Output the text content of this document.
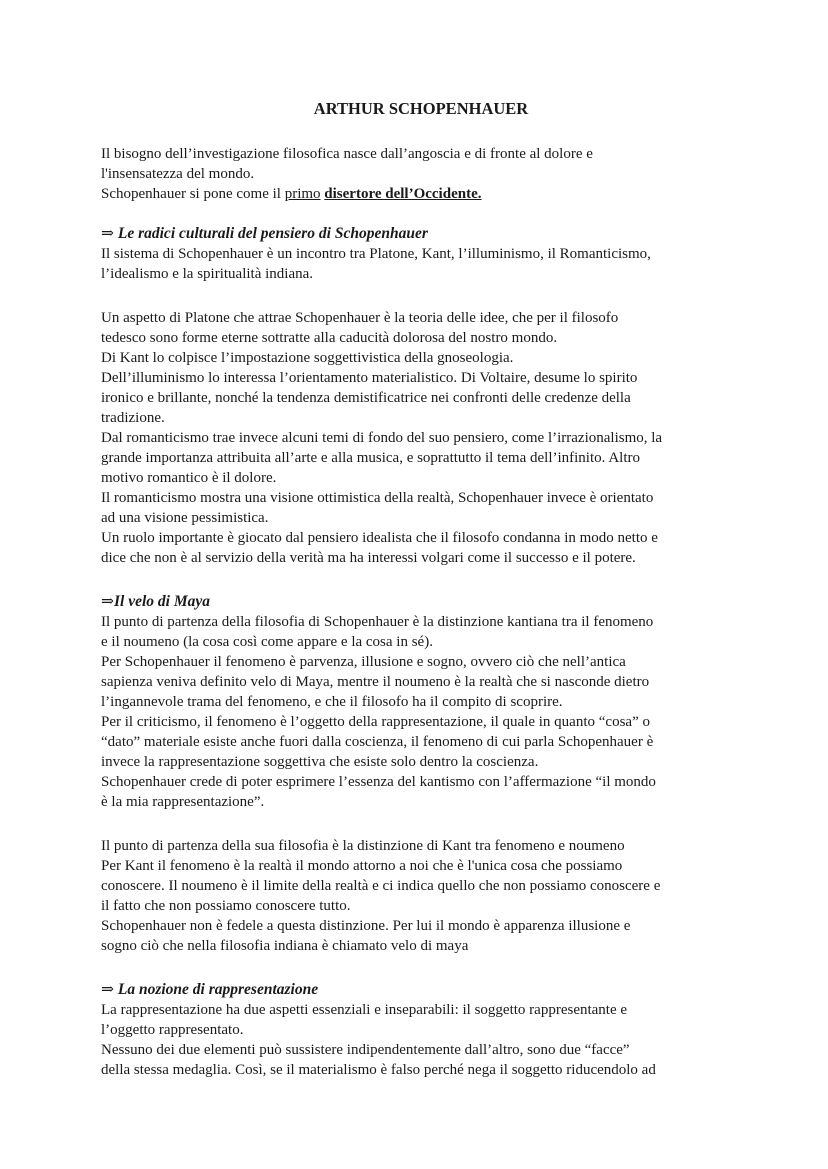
ARTHUR SCHOPENHAUER
Il bisogno dell’investigazione filosofica nasce dall’angoscia e di fronte al dolore e
l'insensatezza del mondo.
Schopenhauer si pone come il primo disertore dell’Occidente.
⇒ Le radici culturali del pensiero di Schopenhauer
Il sistema di Schopenhauer è un incontro tra Platone, Kant, l’illuminismo, il Romanticismo,
l’idealismo e la spiritualità indiana.
Un aspetto di Platone che attrae Schopenhauer è la teoria delle idee, che per il filosofo
tedesco sono forme eterne sottratte alla caducità dolorosa del nostro mondo.
Di Kant lo colpisce l’impostazione soggettivistica della gnoseologia.
Dell’illuminismo lo interessa l’orientamento materialistico. Di Voltaire, desume lo spirito
ironico e brillante, nonché la tendenza demistificatrice nei confronti delle credenze della
tradizione.
Dal romanticismo trae invece alcuni temi di fondo del suo pensiero, come l’irrazionalismo, la
grande importanza attribuita all’arte e alla musica, e soprattutto il tema dell’infinito. Altro
motivo romantico è il dolore.
Il romanticismo mostra una visione ottimistica della realtà, Schopenhauer invece è orientato
ad una visione pessimistica.
Un ruolo importante è giocato dal pensiero idealista che il filosofo condanna in modo netto e
dice che non è al servizio della verità ma ha interessi volgari come il successo e il potere.
⇒Il velo di Maya
Il punto di partenza della filosofia di Schopenhauer è la distinzione kantiana tra il fenomeno
e il noumeno (la cosa così come appare e la cosa in sé).
Per Schopenhauer il fenomeno è parvenza, illusione e sogno, ovvero ciò che nell’antica
sapienza veniva definito velo di Maya, mentre il noumeno è la realtà che si nasconde dietro
l’ingannevole trama del fenomeno, e che il filosofo ha il compito di scoprire.
Per il criticismo, il fenomeno è l’oggetto della rappresentazione, il quale in quanto “cosa” o
“dato” materiale esiste anche fuori dalla coscienza, il fenomeno di cui parla Schopenhauer è
invece la rappresentazione soggettiva che esiste solo dentro la coscienza.
Schopenhauer crede di poter esprimere l’essenza del kantismo con l’affermazione “il mondo
è la mia rappresentazione”.
Il punto di partenza della sua filosofia è la distinzione di Kant tra fenomeno e noumeno
Per Kant il fenomeno è la realtà il mondo attorno a noi che è l'unica cosa che possiamo
conoscere. Il noumeno è il limite della realtà e ci indica quello che non possiamo conoscere e
il fatto che non possiamo conoscere tutto.
Schopenhauer non è fedele a questa distinzione. Per lui il mondo è apparenza illusione e
sogno ciò che nella filosofia indiana è chiamato velo di maya
⇒ La nozione di rappresentazione
La rappresentazione ha due aspetti essenziali e inseparabili: il soggetto rappresentante e
l’oggetto rappresentato.
Nessuno dei due elementi può sussistere indipendentemente dall’altro, sono due “facce”
della stessa medaglia. Così, se il materialismo è falso perché nega il soggetto riducendolo ad
